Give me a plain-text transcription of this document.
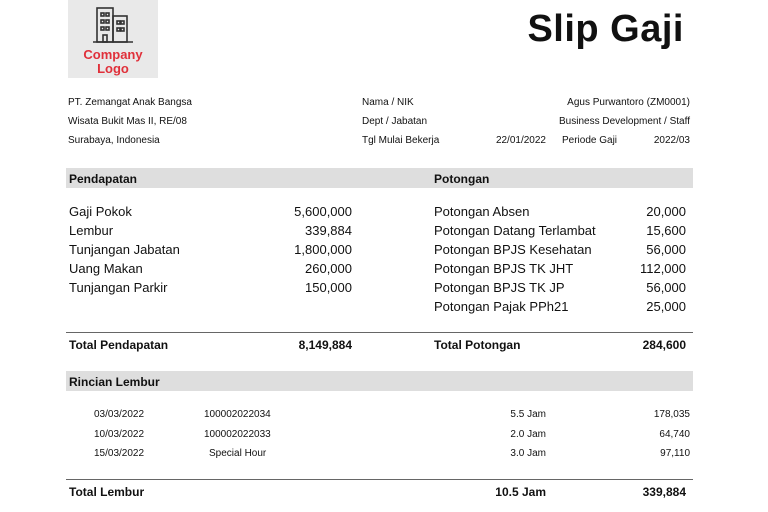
Company
Logo
Slip Gaji
PT. Zemangat Anak Bangsa
Wisata Bukit Mas II, RE/08
Surabaya, Indonesia
Nama / NIK	Agus Purwantoro (ZM0001)
Dept / Jabatan	Business Development / Staff
Tgl Mulai Bekerja	22/01/2022 Periode Gaji	2022/03
Pendapatan	Potongan
Gaji Pokok	5,600,000
Lembur	339,884
Tunjangan Jabatan	1,800,000
Uang Makan	260,000
Tunjangan Parkir	150,000
Potongan Absen	20,000
Potongan Datang Terlambat	15,600
Potongan BPJS Kesehatan	56,000
Potongan BPJS TK JHT	112,000
Potongan BPJS TK JP	56,000
Potongan Pajak PPh21	25,000
Total Pendapatan	8,149,884	Total Potongan	284,600
Rincian Lembur
03/03/2022	100002022034	5.5 Jam	178,035
10/03/2022	100002022033	2.0 Jam	64,740
15/03/2022	Special Hour	3.0 Jam	97,110
Total Lembur	10.5 Jam	339,884
